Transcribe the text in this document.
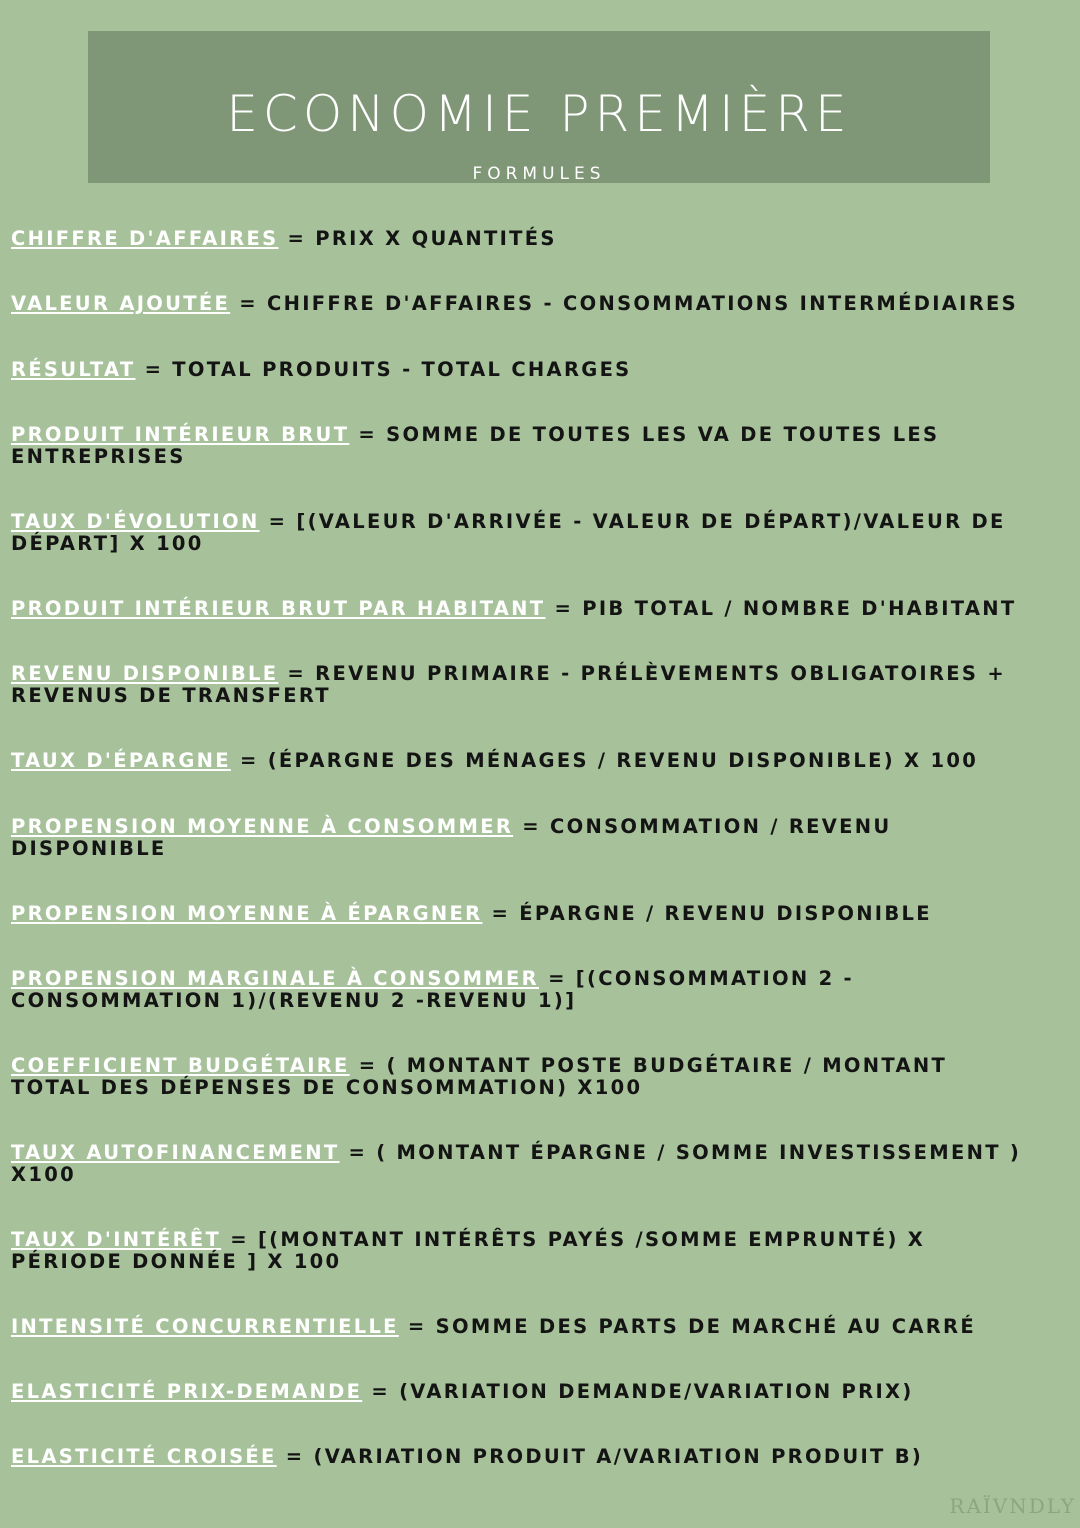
ECONOMIE PREMIÈRE
FORMULES

CHIFFRE D'AFFAIRES = PRIX X QUANTITÉS

VALEUR AJOUTÉE = CHIFFRE D'AFFAIRES - CONSOMMATIONS INTERMÉDIAIRES

RÉSULTAT = TOTAL PRODUITS - TOTAL CHARGES

PRODUIT INTÉRIEUR BRUT = SOMME DE TOUTES LES VA DE TOUTES LES
ENTREPRISES

TAUX D'ÉVOLUTION = [(VALEUR D'ARRIVÉE - VALEUR DE DÉPART)/VALEUR DE
DÉPART] X 100

PRODUIT INTÉRIEUR BRUT PAR HABITANT = PIB TOTAL / NOMBRE D'HABITANT

REVENU DISPONIBLE = REVENU PRIMAIRE - PRÉLÈVEMENTS OBLIGATOIRES +
REVENUS DE TRANSFERT

TAUX D'ÉPARGNE = (ÉPARGNE DES MÉNAGES / REVENU DISPONIBLE) X 100

PROPENSION MOYENNE À CONSOMMER = CONSOMMATION / REVENU
DISPONIBLE

PROPENSION MOYENNE À ÉPARGNER = ÉPARGNE / REVENU DISPONIBLE

PROPENSION MARGINALE À CONSOMMER = [(CONSOMMATION 2 -
CONSOMMATION 1)/(REVENU 2 -REVENU 1)]

COEFFICIENT BUDGÉTAIRE = ( MONTANT POSTE BUDGÉTAIRE / MONTANT
TOTAL DES DÉPENSES DE CONSOMMATION) X100

TAUX AUTOFINANCEMENT = ( MONTANT ÉPARGNE / SOMME INVESTISSEMENT )
X100

TAUX D'INTÉRÊT = [(MONTANT INTÉRÊTS PAYÉS /SOMME EMPRUNTÉ) X
PÉRIODE DONNÉE ] X 100

INTENSITÉ CONCURRENTIELLE = SOMME DES PARTS DE MARCHÉ AU CARRÉ

ELASTICITÉ PRIX-DEMANDE = (VARIATION DEMANDE/VARIATION PRIX)

ELASTICITÉ CROISÉE = (VARIATION PRODUIT A/VARIATION PRODUIT B)

RAÏVNDLY
